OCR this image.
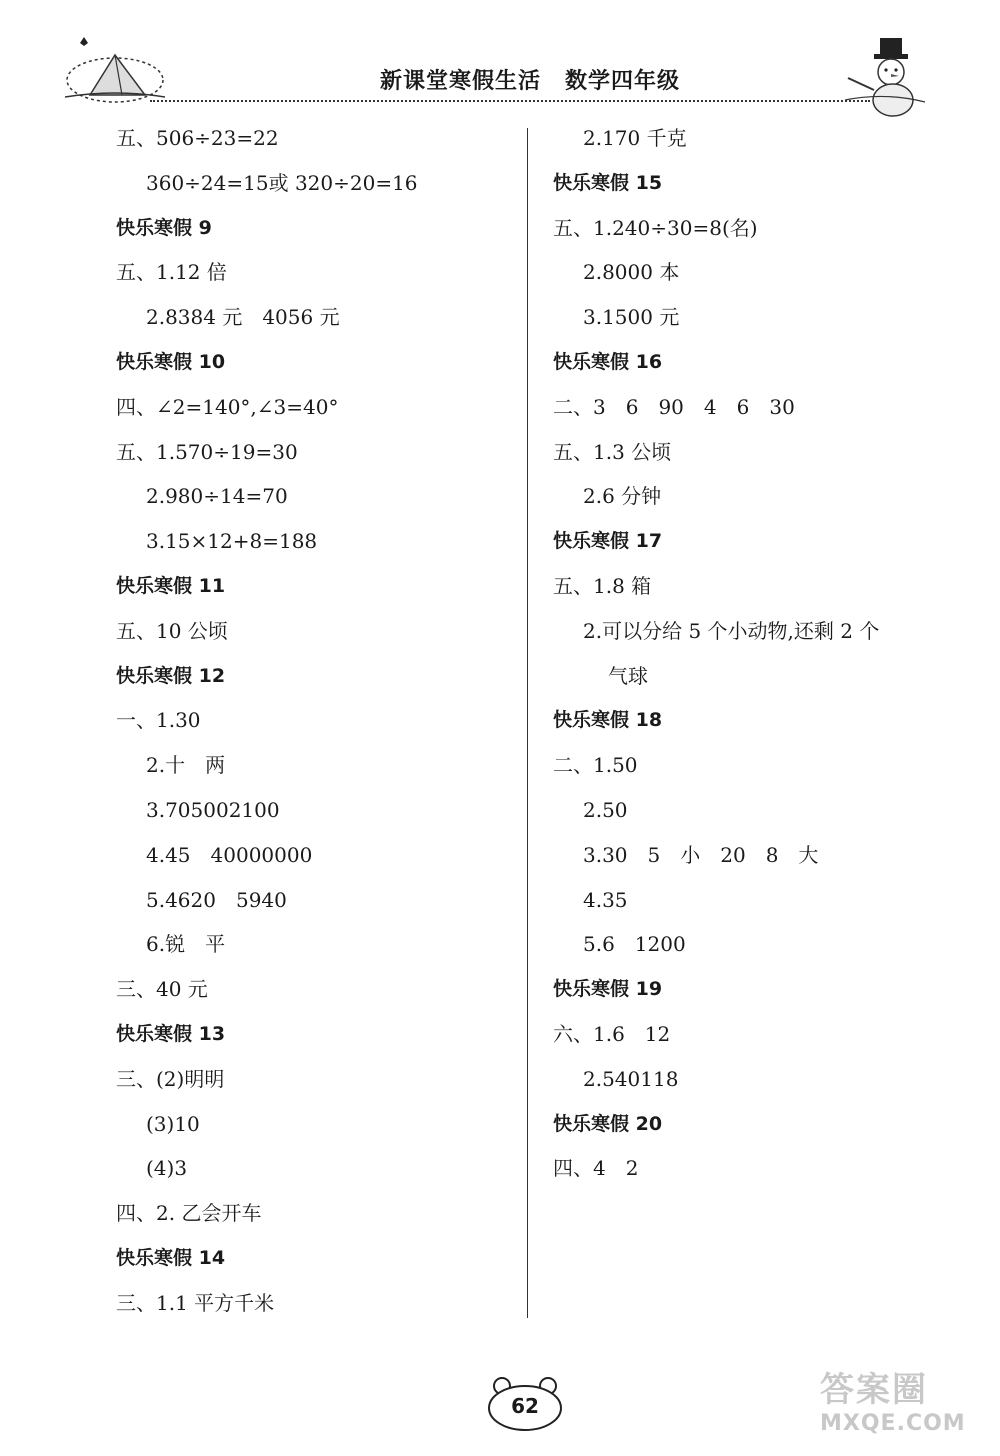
新课堂寒假生活 数学四年级
五、506÷23=22
360÷24=15或 320÷20=16
快乐寒假 9
五、1.12 倍
2.8384 元　4056 元
快乐寒假 10
四、∠2=140°,∠3=40°
五、1.570÷19=30
2.980÷14=70
3.15×12+8=188
快乐寒假 11
五、10 公顷
快乐寒假 12
一、1.30
2.十　两
3.705002100
4.45　40000000
5.4620　5940
6.锐　平
三、40 元
快乐寒假 13
三、(2)明明
(3)10
(4)3
四、2. 乙会开车
快乐寒假 14
三、1.1 平方千米
2.170 千克
快乐寒假 15
五、1.240÷30=8(名)
2.8000 本
3.1500 元
快乐寒假 16
二、3　6　90　4　6　30
五、1.3 公顷
2.6 分钟
快乐寒假 17
五、1.8 箱
2.可以分给 5 个小动物,还剩 2 个
气球
快乐寒假 18
二、1.50
2.50
3.30　5　小　20　8　大
4.35
5.6　1200
快乐寒假 19
六、1.6　12
2.540118
快乐寒假 20
四、4　2
62	答案圈
MXQE.COM
